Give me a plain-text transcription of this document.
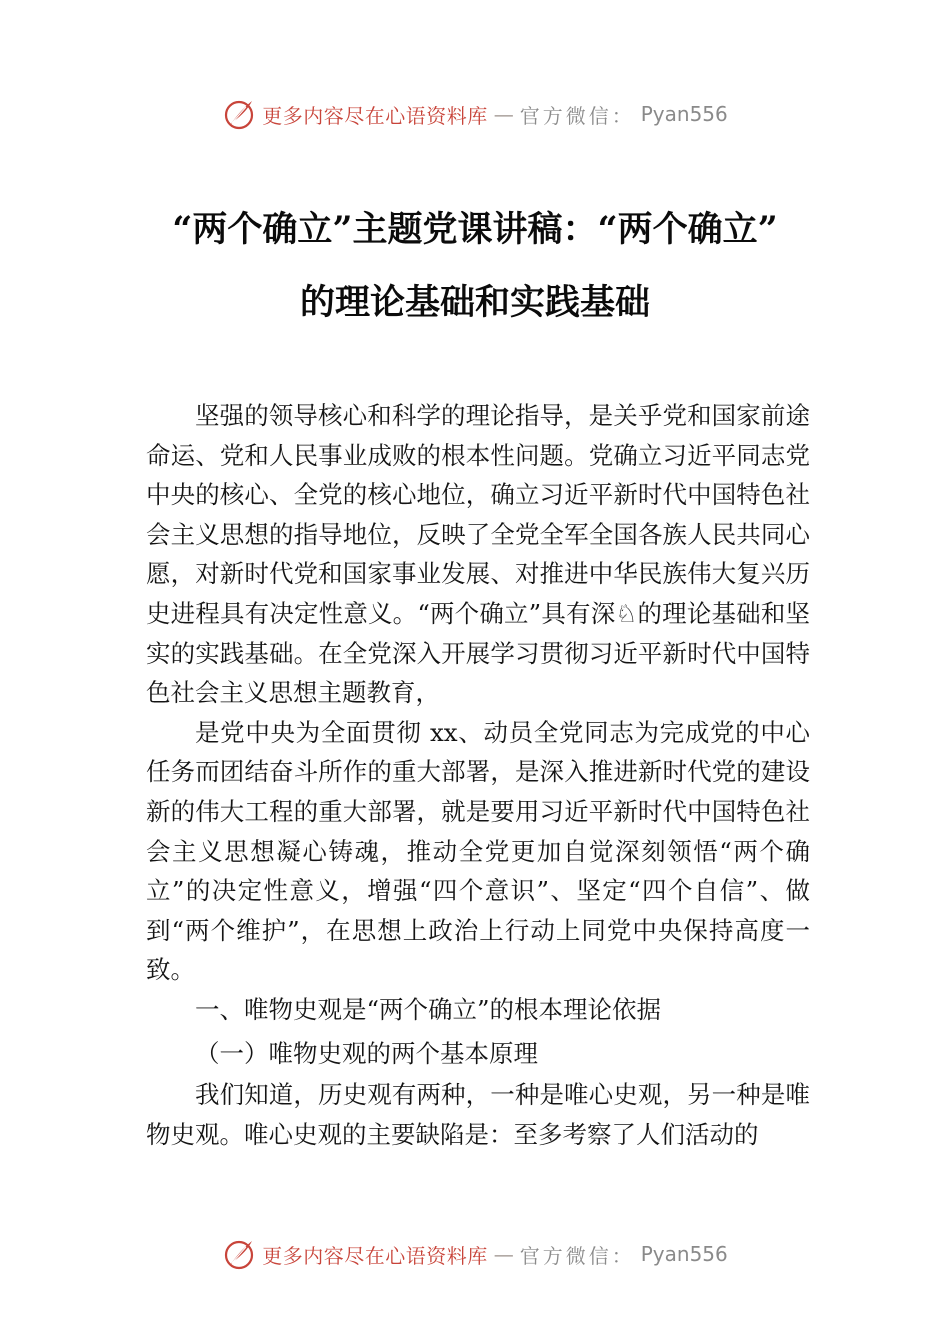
更多内容尽在心语资料库 — 官方微信： Pyan556
“两个确立”主题党课讲稿：“两个确立”
的理论基础和实践基础

坚强的领导核心和科学的理论指导，是关乎党和国家前途命运、党和人民事业成败的根本性问题。党确立习近平同志党中央的核心、全党的核心地位，确立习近平新时代中国特色社会主义思想的指导地位，反映了全党全军全国各族人民共同心愿，对新时代党和国家事业发展、对推进中华民族伟大复兴历史进程具有决定性意义。“两个确立”具有深♘的理论基础和坚实的实践基础。在全党深入开展学习贯彻习近平新时代中国特色社会主义思想主题教育，

是党中央为全面贯彻 xx、动员全党同志为完成党的中心任务而团结奋斗所作的重大部署，是深入推进新时代党的建设新的伟大工程的重大部署，就是要用习近平新时代中国特色社会主义思想凝心铸魂，推动全党更加自觉深刻领悟“两个确立”的决定性意义，增强“四个意识”、坚定“四个自信”、做到“两个维护”，在思想上政治上行动上同党中央保持高度一致。

一、唯物史观是“两个确立”的根本理论依据

（一）唯物史观的两个基本原理

我们知道，历史观有两种，一种是唯心史观，另一种是唯物史观。唯心史观的主要缺陷是：至多考察了人们活动的

更多内容尽在心语资料库 — 官方微信： Pyan556
